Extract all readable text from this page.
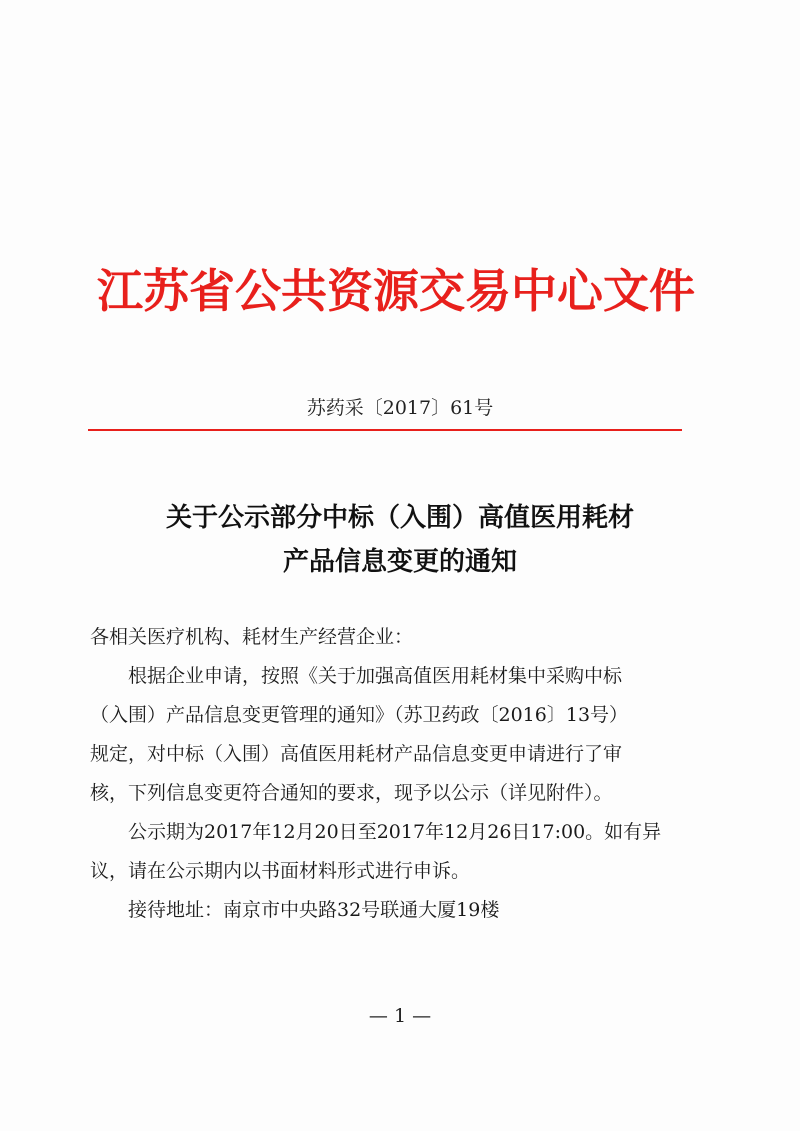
江苏省公共资源交易中心文件
苏药采〔2017〕61号
关于公示部分中标（入围）高值医用耗材
产品信息变更的通知
各相关医疗机构、耗材生产经营企业：
根据企业申请，按照《关于加强高值医用耗材集中采购中标
（入围）产品信息变更管理的通知》（苏卫药政〔2016〕13号）
规定，对中标（入围）高值医用耗材产品信息变更申请进行了审
核，下列信息变更符合通知的要求，现予以公示（详见附件）。
公示期为2017年12月20日至2017年12月26日17:00。如有异
议，请在公示期内以书面材料形式进行申诉。
接待地址：南京市中央路32号联通大厦19楼
— 1 —
